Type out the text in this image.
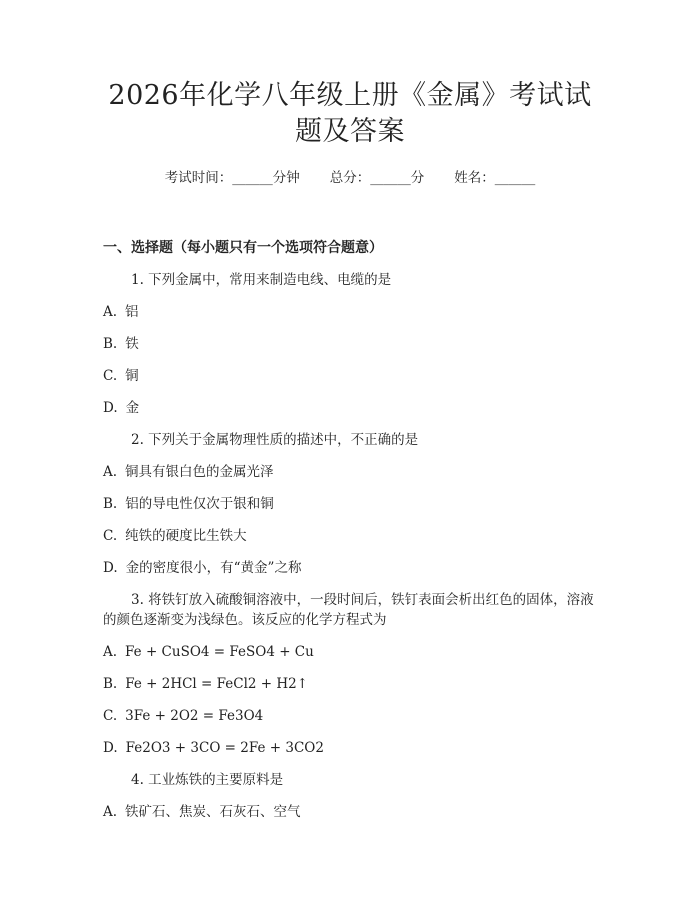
2026年化学八年级上册《金属》考试试题及答案
考试时间：______分钟 总分：______分 姓名：______
一、选择题（每小题只有一个选项符合题意）
1. 下列金属中，常用来制造电线、电缆的是
A. 铝
B. 铁
C. 铜
D. 金
2. 下列关于金属物理性质的描述中，不正确的是
A. 铜具有银白色的金属光泽
B. 铝的导电性仅次于银和铜
C. 纯铁的硬度比生铁大
D. 金的密度很小，有“黄金”之称
3. 将铁钉放入硫酸铜溶液中，一段时间后，铁钉表面会析出红色的固体，溶液的颜色逐渐变为浅绿色。该反应的化学方程式为
A. Fe + CuSO4 = FeSO4 + Cu
B. Fe + 2HCl = FeCl2 + H2↑
C. 3Fe + 2O2 = Fe3O4
D. Fe2O3 + 3CO = 2Fe + 3CO2
4. 工业炼铁的主要原料是
A. 铁矿石、焦炭、石灰石、空气
